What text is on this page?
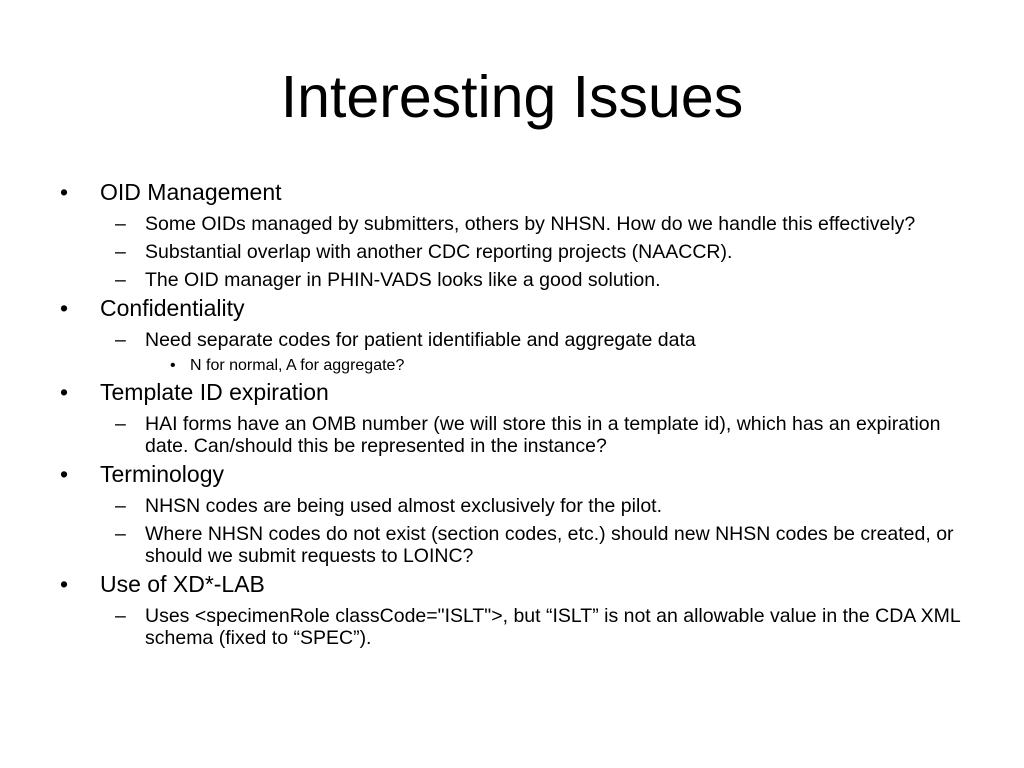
Interesting Issues
• OID Management
– Some OIDs managed by submitters, others by NHSN. How do we handle this effectively?
– Substantial overlap with another CDC reporting projects (NAACCR).
– The OID manager in PHIN-VADS looks like a good solution.
• Confidentiality
– Need separate codes for patient identifiable and aggregate data
• N for normal, A for aggregate?
• Template ID expiration
– HAI forms have an OMB number (we will store this in a template id), which has an expiration date. Can/should this be represented in the instance?
• Terminology
– NHSN codes are being used almost exclusively for the pilot.
– Where NHSN codes do not exist (section codes, etc.) should new NHSN codes be created, or should we submit requests to LOINC?
• Use of XD*-LAB
– Uses <specimenRole classCode="ISLT">, but “ISLT” is not an allowable value in the CDA XML schema (fixed to “SPEC”).
